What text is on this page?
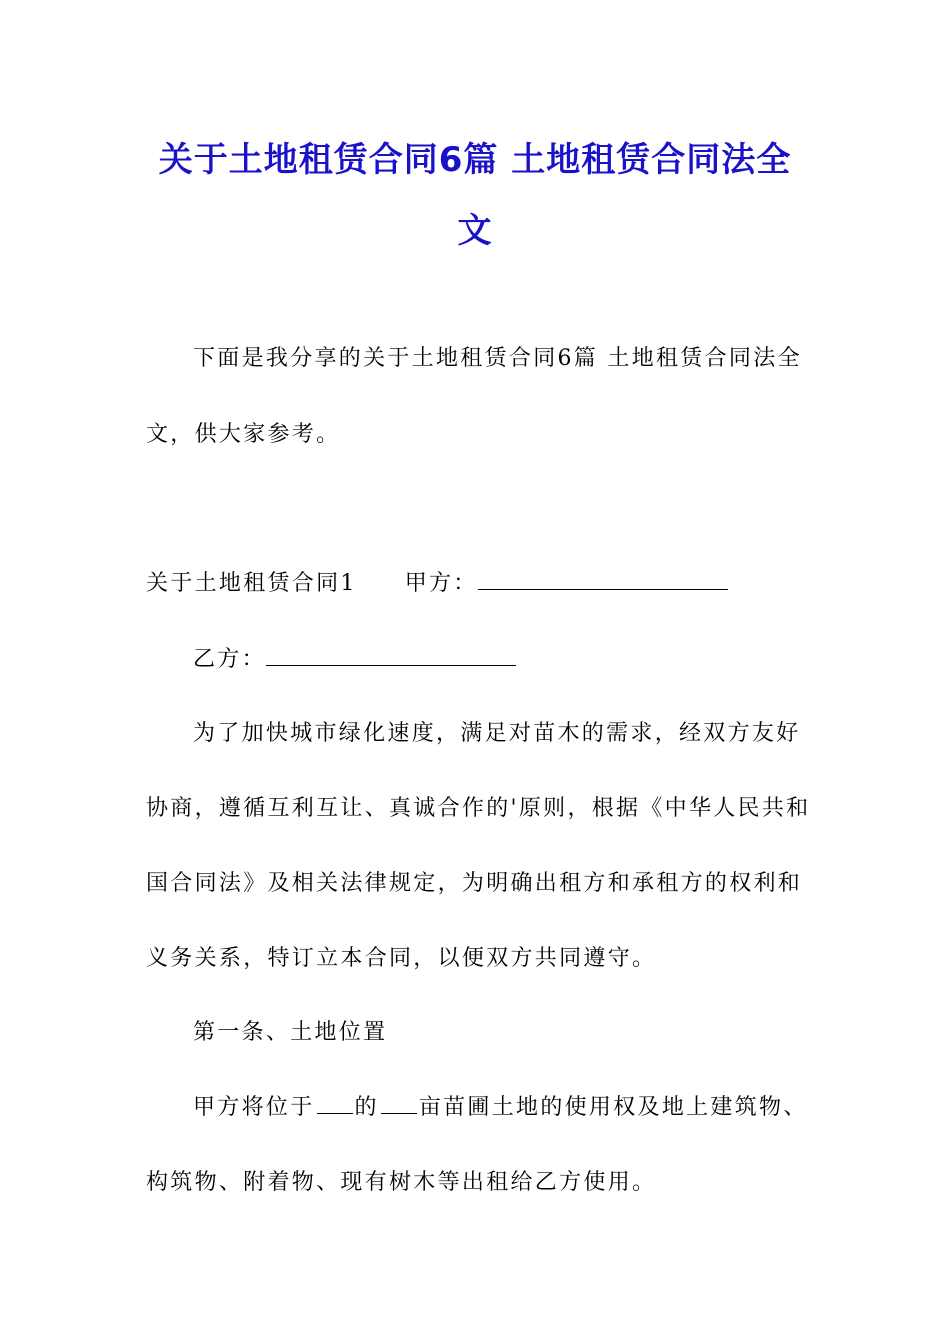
关于土地租赁合同6篇 土地租赁合同法全
文
下面是我分享的关于土地租赁合同6篇 土地租赁合同法全
文，供大家参考。
关于土地租赁合同1 甲方：
乙方：
为了加快城市绿化速度，满足对苗木的需求，经双方友好
协商，遵循互利互让、真诚合作的'原则，根据《中华人民共和
国合同法》及相关法律规定，为明确出租方和承租方的权利和
义务关系，特订立本合同，以便双方共同遵守。
第一条、土地位置
甲方将位于 的 亩苗圃土地的使用权及地上建筑物、
构筑物、附着物、现有树木等出租给乙方使用。
